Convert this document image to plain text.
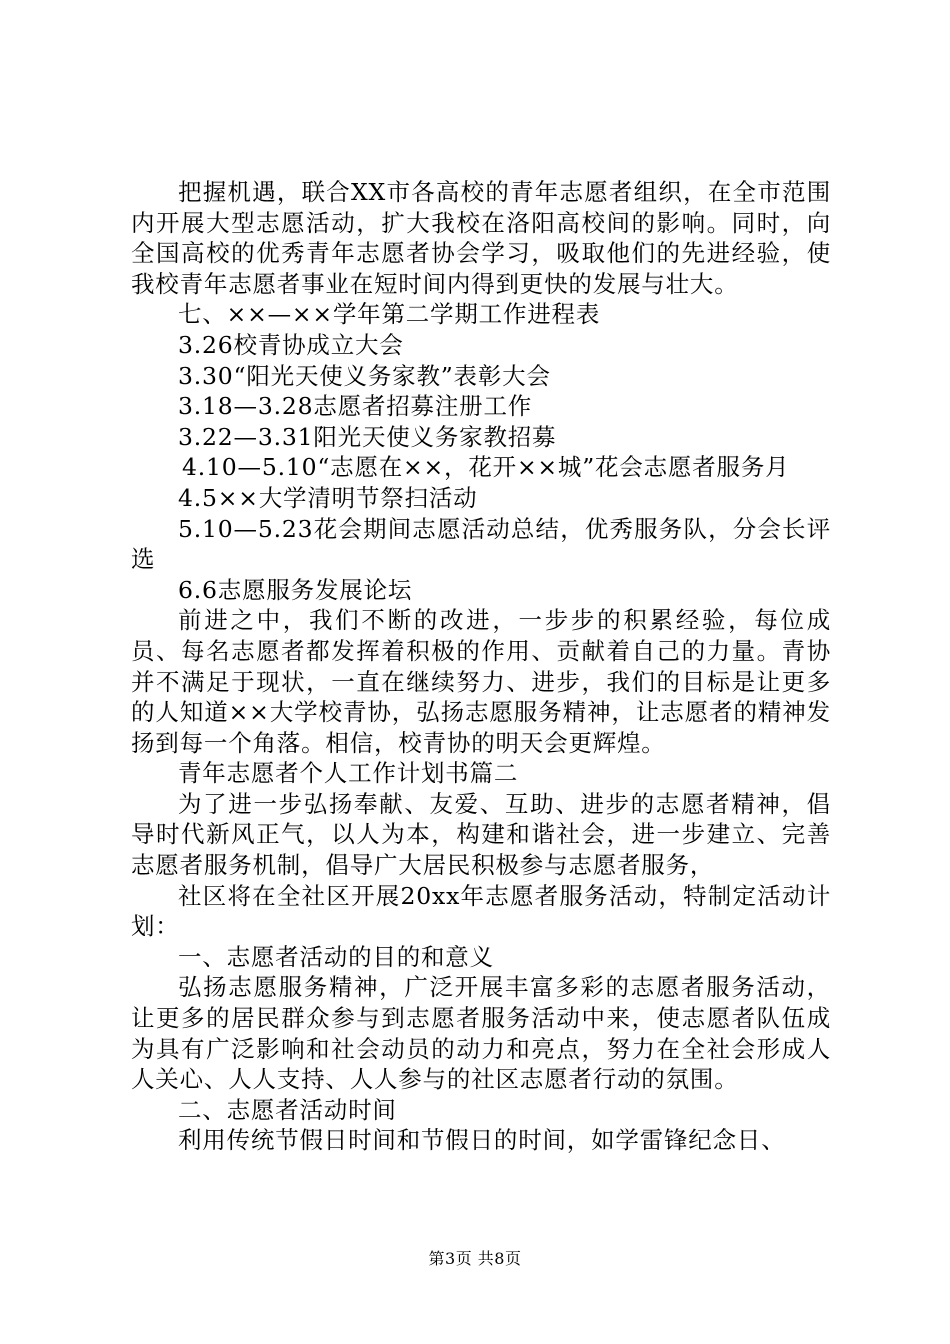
把握机遇，联合XX市各高校的青年志愿者组织，在全市范围内开展大型志愿活动，扩大我校在洛阳高校间的影响。同时，向全国高校的优秀青年志愿者协会学习，吸取他们的先进经验，使我校青年志愿者事业在短时间内得到更快的发展与壮大。

七、××—××学年第二学期工作进程表

3.26校青协成立大会

3.30“阳光天使义务家教”表彰大会

3.18—3.28志愿者招募注册工作

3.22—3.31阳光天使义务家教招募

4.10—5.10“志愿在××，花开××城”花会志愿者服务月

4.5××大学清明节祭扫活动

5.10—5.23花会期间志愿活动总结，优秀服务队，分会长评选

6.6志愿服务发展论坛

前进之中，我们不断的改进，一步步的积累经验，每位成员、每名志愿者都发挥着积极的作用、贡献着自己的力量。青协并不满足于现状，一直在继续努力、进步，我们的目标是让更多的人知道××大学校青协，弘扬志愿服务精神，让志愿者的精神发扬到每一个角落。相信，校青协的明天会更辉煌。

青年志愿者个人工作计划书篇二

为了进一步弘扬奉献、友爱、互助、进步的志愿者精神，倡导时代新风正气，以人为本，构建和谐社会，进一步建立、完善志愿者服务机制，倡导广大居民积极参与志愿者服务，

社区将在全社区开展20xx年志愿者服务活动，特制定活动计划：

一、志愿者活动的目的和意义

弘扬志愿服务精神，广泛开展丰富多彩的志愿者服务活动，让更多的居民群众参与到志愿者服务活动中来，使志愿者队伍成为具有广泛影响和社会动员的动力和亮点，努力在全社会形成人人关心、人人支持、人人参与的社区志愿者行动的氛围。

二、志愿者活动时间

利用传统节假日时间和节假日的时间，如学雷锋纪念日、

第3页 共8页
